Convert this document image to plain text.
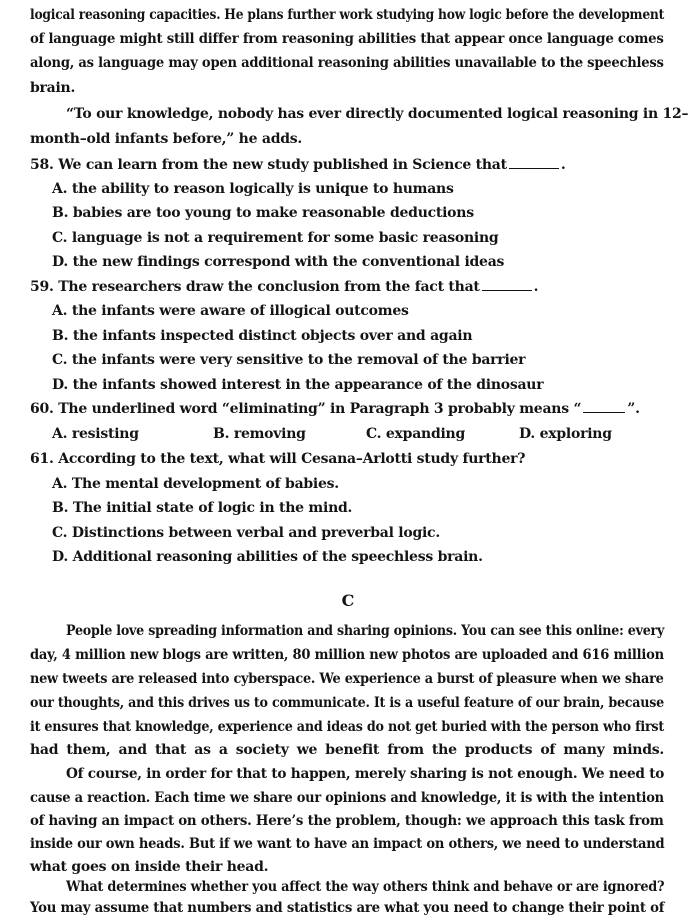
logical reasoning capacities. He plans further work studying how logic before the development
of language might still differ from reasoning abilities that appear once language comes
along, as language may open additional reasoning abilities unavailable to the speechless
brain.
“To our knowledge, nobody has ever directly documented logical reasoning in 12–
month–old infants before,” he adds.
58. We can learn from the new study published in Science that	.
A. the ability to reason logically is unique to humans
B. babies are too young to make reasonable deductions
C. language is not a requirement for some basic reasoning
D. the new findings correspond with the conventional ideas
59. The researchers draw the conclusion from the fact that	.
A. the infants were aware of illogical outcomes
B. the infants inspected distinct objects over and again
C. the infants were very sensitive to the removal of the barrier
D. the infants showed interest in the appearance of the dinosaur
60. The underlined word “eliminating” in Paragraph 3 probably means “	”.
A. resisting	B. removing	C. expanding	D. exploring
61. According to the text, what will Cesana–Arlotti study further?
A. The mental development of babies.
B. The initial state of logic in the mind.
C. Distinctions between verbal and preverbal logic.
D. Additional reasoning abilities of the speechless brain.
C
People love spreading information and sharing opinions. You can see this online: every
day, 4 million new blogs are written, 80 million new photos are uploaded and 616 million
new tweets are released into cyberspace. We experience a burst of pleasure when we share
our thoughts, and this drives us to communicate. It is a useful feature of our brain, because
it ensures that knowledge, experience and ideas do not get buried with the person who first
had them, and that as a society we benefit from the products of many minds.
Of course, in order for that to happen, merely sharing is not enough. We need to
cause a reaction. Each time we share our opinions and knowledge, it is with the intention
of having an impact on others. Here’s the problem, though: we approach this task from
inside our own heads. But if we want to have an impact on others, we need to understand
what goes on inside their head.
What determines whether you affect the way others think and behave or are ignored?
You may assume that numbers and statistics are what you need to change their point of
